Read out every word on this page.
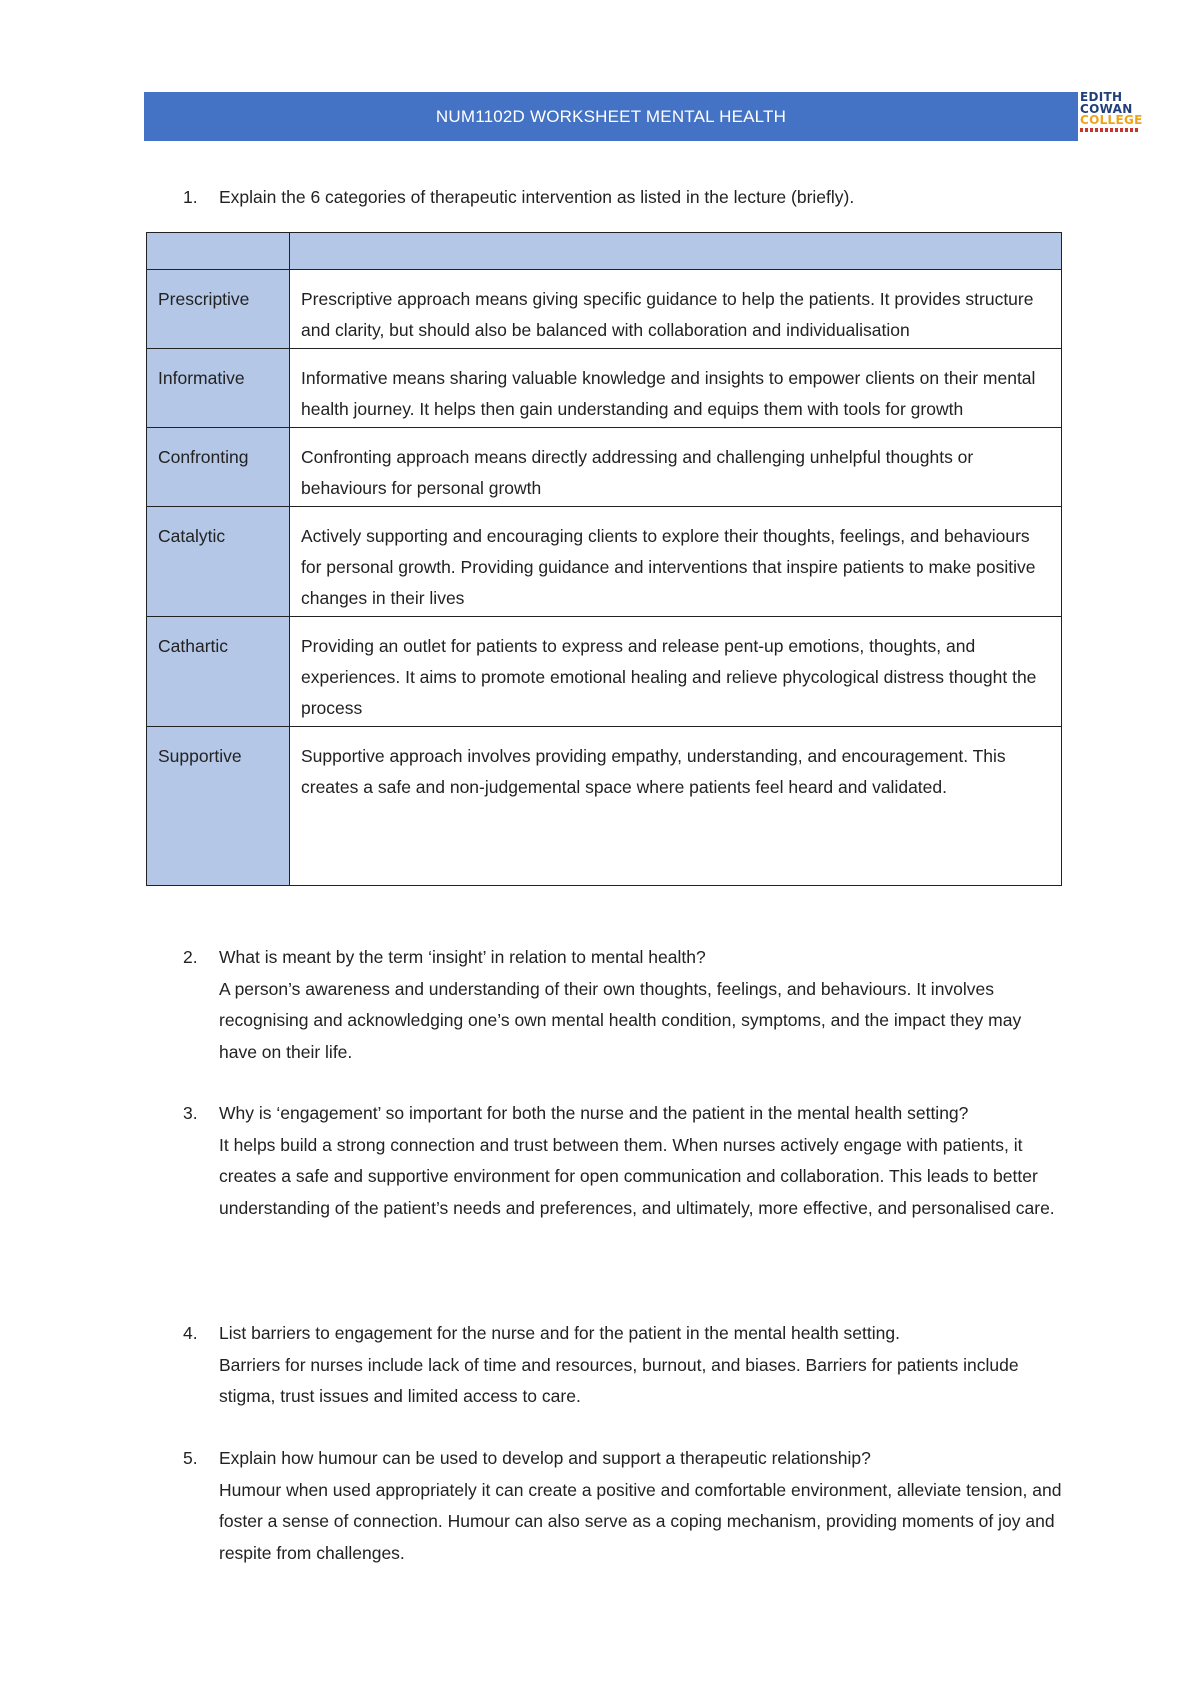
NUM1102D WORKSHEET MENTAL HEALTH
EDITH
COWAN
COLLEGE
1. Explain the 6 categories of therapeutic intervention as listed in the lecture (briefly).

Prescriptive	Prescriptive approach means giving specific guidance to help the patients. It provides structure and clarity, but should also be balanced with collaboration and individualisation
Informative	Informative means sharing valuable knowledge and insights to empower clients on their mental health journey. It helps then gain understanding and equips them with tools for growth
Confronting	Confronting approach means directly addressing and challenging unhelpful thoughts or behaviours for personal growth
Catalytic	Actively supporting and encouraging clients to explore their thoughts, feelings, and behaviours for personal growth. Providing guidance and interventions that inspire patients to make positive changes in their lives
Cathartic	Providing an outlet for patients to express and release pent-up emotions, thoughts, and experiences. It aims to promote emotional healing and relieve phycological distress thought the process
Supportive	Supportive approach involves providing empathy, understanding, and encouragement. This creates a safe and non-judgemental space where patients feel heard and validated.
2. What is meant by the term ‘insight’ in relation to mental health?
A person’s awareness and understanding of their own thoughts, feelings, and behaviours. It involves recognising and acknowledging one’s own mental health condition, symptoms, and the impact they may have on their life.
3. Why is ‘engagement’ so important for both the nurse and the patient in the mental health setting?
It helps build a strong connection and trust between them. When nurses actively engage with patients, it creates a safe and supportive environment for open communication and collaboration. This leads to better understanding of the patient’s needs and preferences, and ultimately, more effective, and personalised care.
4. List barriers to engagement for the nurse and for the patient in the mental health setting.
Barriers for nurses include lack of time and resources, burnout, and biases. Barriers for patients include stigma, trust issues and limited access to care.
5. Explain how humour can be used to develop and support a therapeutic relationship?
Humour when used appropriately it can create a positive and comfortable environment, alleviate tension, and foster a sense of connection. Humour can also serve as a coping mechanism, providing moments of joy and respite from challenges.
